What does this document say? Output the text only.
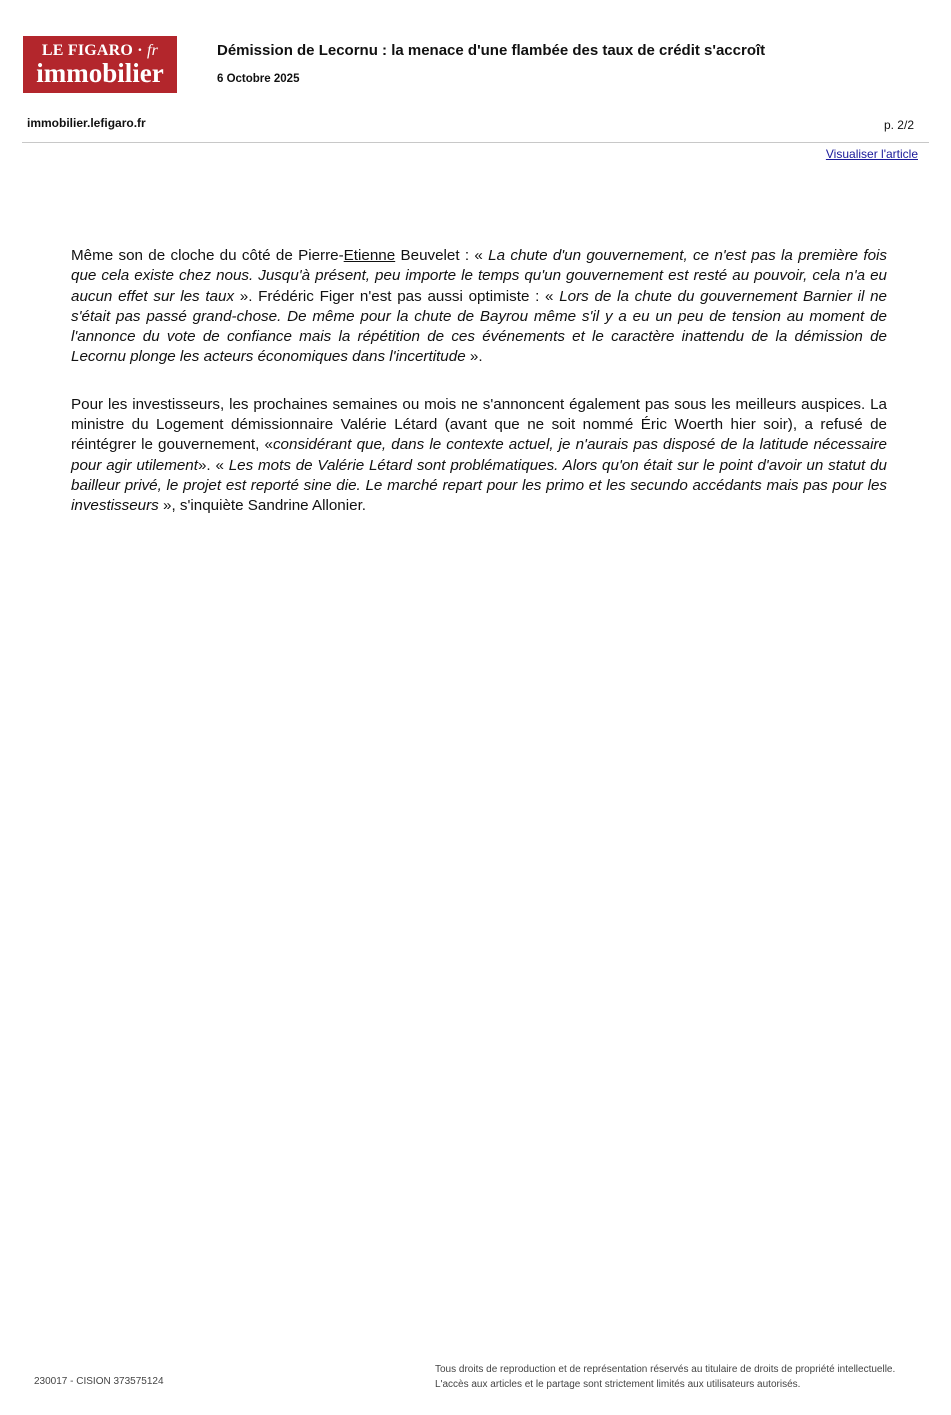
LE FIGARO · fr
immobilier
Démission de Lecornu : la menace d'une flambée des taux de crédit s'accroît
6 Octobre 2025
immobilier.lefigaro.fr	p. 2/2
Visualiser l'article

Même son de cloche du côté de Pierre-Etienne Beuvelet : « La chute d'un gouvernement, ce n'est pas la première fois que cela existe chez nous. Jusqu'à présent, peu importe le temps qu'un gouvernement est resté au pouvoir, cela n'a eu aucun effet sur les taux ». Frédéric Figer n'est pas aussi optimiste : « Lors de la chute du gouvernement Barnier il ne s'était pas passé grand-chose. De même pour la chute de Bayrou même s'il y a eu un peu de tension au moment de l'annonce du vote de confiance mais la répétition de ces événements et le caractère inattendu de la démission de Lecornu plonge les acteurs économiques dans l'incertitude ».

Pour les investisseurs, les prochaines semaines ou mois ne s'annoncent également pas sous les meilleurs auspices. La ministre du Logement démissionnaire Valérie Létard (avant que ne soit nommé Éric Woerth hier soir), a refusé de réintégrer le gouvernement, «considérant que, dans le contexte actuel, je n'aurais pas disposé de la latitude nécessaire pour agir utilement». « Les mots de Valérie Létard sont problématiques. Alors qu'on était sur le point d'avoir un statut du bailleur privé, le projet est reporté sine die. Le marché repart pour les primo et les secundo accédants mais pas pour les investisseurs », s'inquiète Sandrine Allonier.

230017 - CISION 373575124
Tous droits de reproduction et de représentation réservés au titulaire de droits de propriété intellectuelle.
L'accès aux articles et le partage sont strictement limités aux utilisateurs autorisés.
